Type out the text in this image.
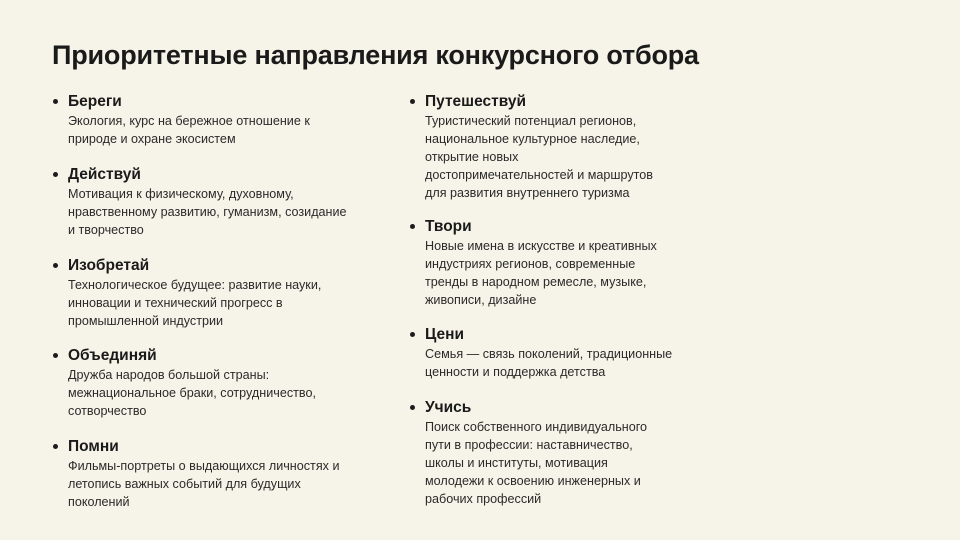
Приоритетные направления конкурсного отбора
Береги
Экология, курс на бережное отношение к
природе и охране экосистем
Действуй
Мотивация к физическому, духовному,
нравственному развитию, гуманизм, созидание
и творчество
Изобретай
Технологическое будущее: развитие науки,
инновации и технический прогресс в
промышленной индустрии
Объединяй
Дружба народов большой страны:
межнациональное браки, сотрудничество,
сотворчество
Помни
Фильмы-портреты о выдающихся личностях и
летопись важных событий для будущих
поколений
Путешествуй
Туристический потенциал регионов,
национальное культурное наследие,
открытие новых
достопримечательностей и маршрутов
для развития внутреннего туризма
Твори
Новые имена в искусстве и креативных
индустриях регионов, современные
тренды в народном ремесле, музыке,
живописи, дизайне
Цени
Семья — связь поколений, традиционные
ценности и поддержка детства
Учись
Поиск собственного индивидуального
пути в профессии: наставничество,
школы и институты, мотивация
молодежи к освоению инженерных и
рабочих профессий
